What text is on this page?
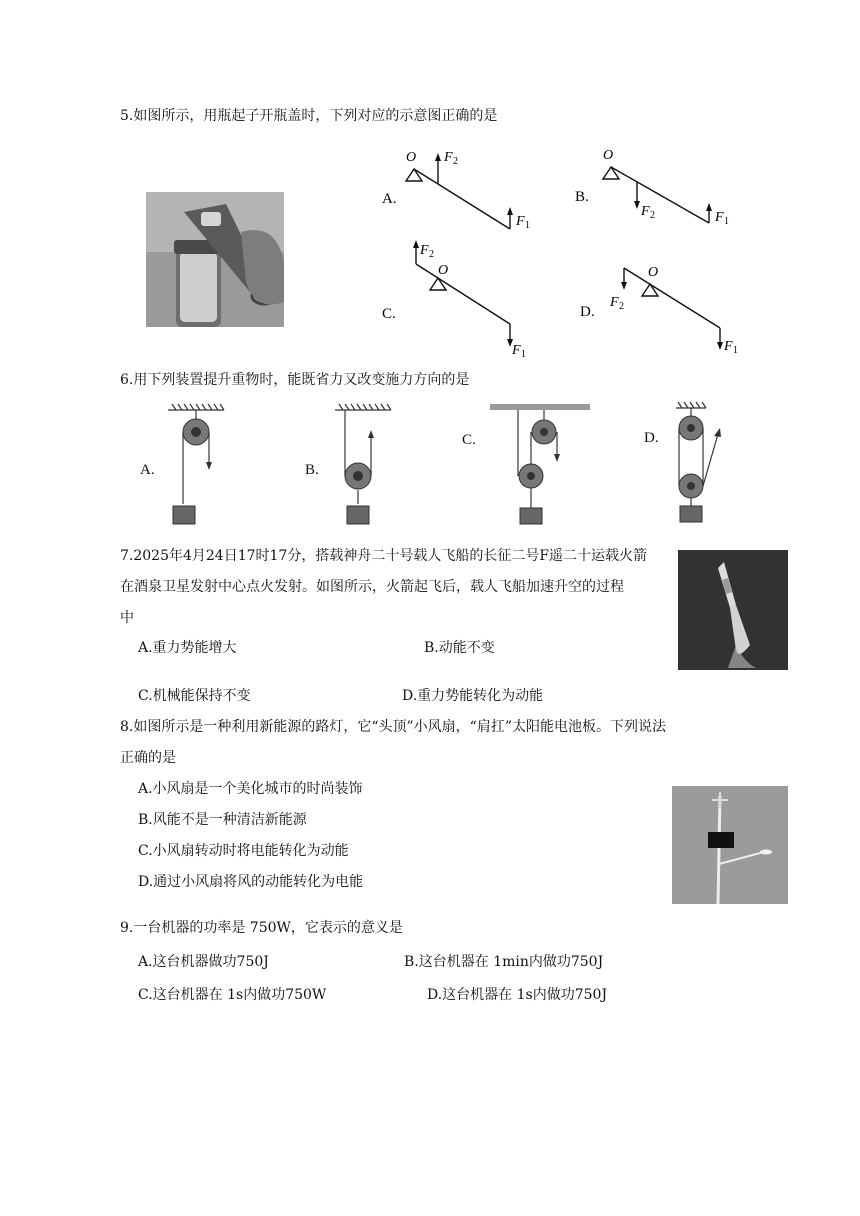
5.如图所示，用瓶起子开瓶盖时，下列对应的示意图正确的是
A.
O F 2
F 1
B.
O
F 2	F 1
C.
F 2
O
F 1
D.
O
F 2
F 1
6.用下列装置提升重物时，能既省力又改变施力方向的是
A.	B.
C.	D.
7.2025年4月24日17时17分，搭载神舟二十号载人飞船的长征二号F遥二十运载火箭
在酒泉卫星发射中心点火发射。如图所示，火箭起飞后，载人飞船加速升空的过程
中
A.重力势能增大	B.动能不变
C.机械能保持不变	D.重力势能转化为动能
8.如图所示是一种利用新能源的路灯，它“头顶”小风扇，“肩扛”太阳能电池板。下列说法
正确的是
A.小风扇是一个美化城市的时尚装饰
B.风能不是一种清洁新能源
C.小风扇转动时将电能转化为动能
D.通过小风扇将风的动能转化为电能
9.一台机器的功率是 750W，它表示的意义是
A.这台机器做功750J	B.这台机器在 1min内做功750J
C.这台机器在 1s内做功750W	D.这台机器在 1s内做功750J
